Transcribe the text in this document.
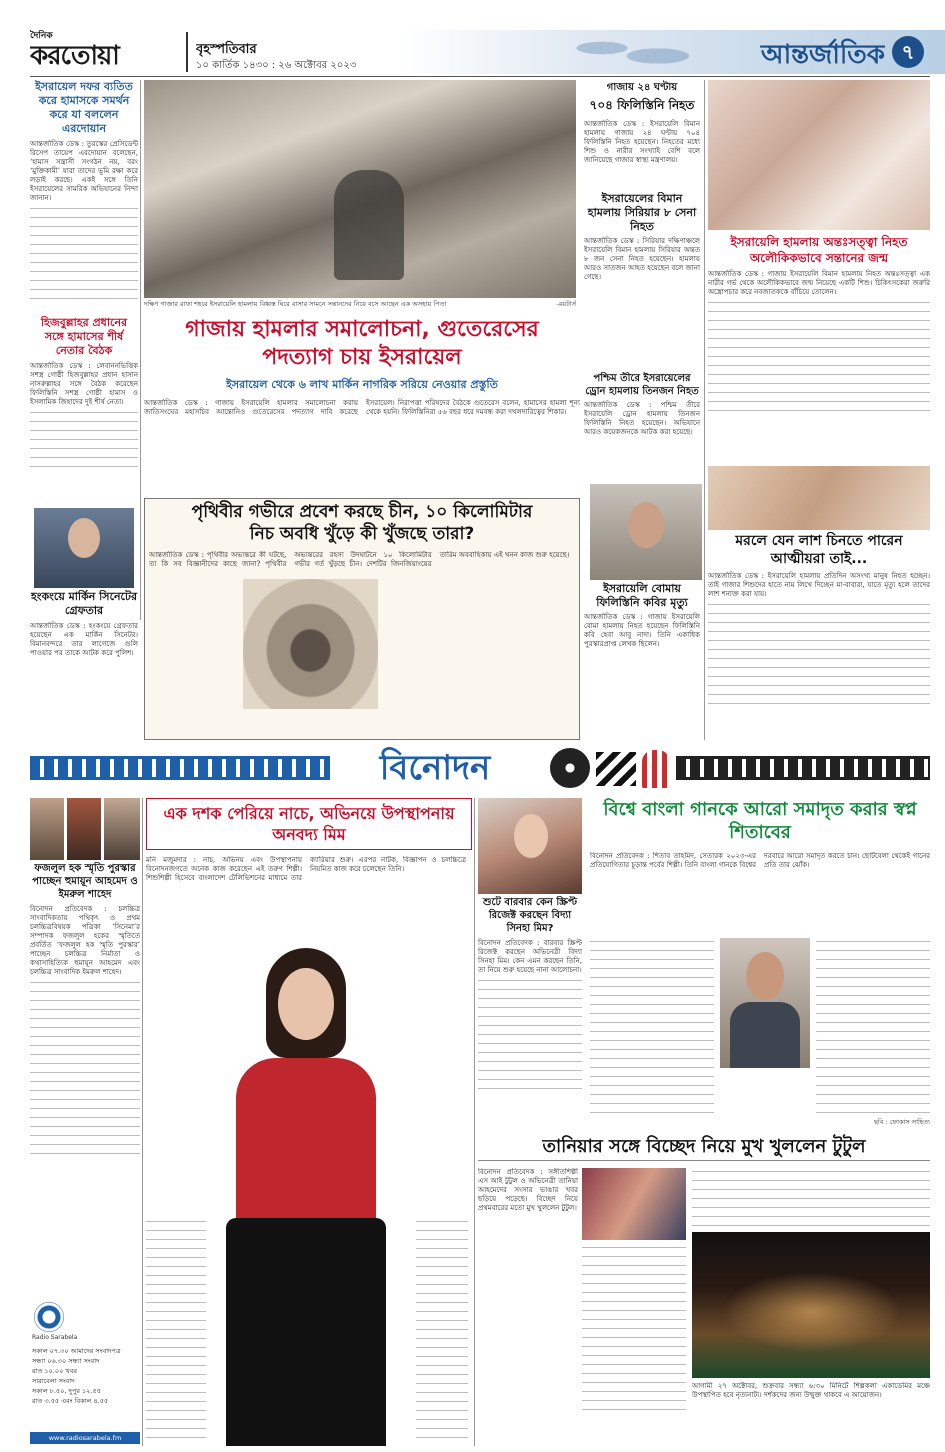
দৈনিক
করতোয়া	বৃহস্পতিবার
১০ কার্তিক ১৪৩০ : ২৬ অক্টোবর ২০২৩	আন্তর্জাতিক ৭
ইসরায়েল দফর ব্যতিত করে হামাসকে সমর্থন করে যা বললেন এরদোয়ান
আন্তর্জাতিক ডেস্ক : তুরস্কের প্রেসিডেন্ট রিসেপ তায়েপ এরদোয়ান বলেছেন, ‘হামাস সন্ত্রাসী সংগঠন নয়, বরং ‘মুক্তিকামী’ যারা তাদের ভূমি রক্ষা করে লড়াই করছে। একই সঙ্গে তিনি ইসরায়েলের সামরিক অভিযানের নিন্দা জানান।
দক্ষিণ গাজার রাফা শহরে ইসরায়েলি হামলায় বিধ্বস্ত ঘিরে বাসার সামনে সন্তানদের নিয়ে বসে আছেন এক অসহায় পিতা	-রয়টার্স
গাজায় ২৪ ঘণ্টায়
৭০৪ ফিলিস্তিনি নিহত
আন্তর্জাতিক ডেস্ক : ইসরায়েলি বিমান হামলায় গাজায় ২৪ ঘণ্টায় ৭০৪ ফিলিস্তিনি নিহত হয়েছেন। নিহতের মধ্যে শিশু ও নারীর সংখ্যাই বেশি বলে জানিয়েছে গাজার স্বাস্থ্য মন্ত্রণালয়।
ইসরায়েলের বিমান হামলায় সিরিয়ার ৮ সেনা নিহত
আন্তর্জাতিক ডেস্ক : সিরিয়ার দক্ষিণাঞ্চলে ইসরায়েলি বিমান হামলায় সিরিয়ার অন্তত ৮ জন সেনা নিহত হয়েছেন। হামলায় আরও সাতজন আহত হয়েছেন বলে জানা গেছে।
পশ্চিম তীরে ইসরায়েলের ড্রোন হামলায় তিনজন নিহত
আন্তর্জাতিক ডেস্ক : পশ্চিম তীরে ইসরায়েলি ড্রোন হামলায় তিনজন ফিলিস্তিনি নিহত হয়েছেন। অভিযানে আরও কয়েকজনকে আটক করা হয়েছে।
ইসরায়েলি হামলায় অন্তঃসত্ত্বা নিহত অলৌকিকভাবে সন্তানের জন্ম
আন্তর্জাতিক ডেস্ক : গাজায় ইসরায়েলি বিমান হামলায় নিহত অন্তঃসত্ত্বা এক নারীর গর্ভ থেকে অলৌকিকভাবে জন্ম নিয়েছে একটি শিশু। চিকিৎসকেরা জরুরি অস্ত্রোপচার করে নবজাতককে বাঁচিয়ে তোলেন।
হিজবুল্লাহর প্রধানের সঙ্গে হামাসের শীর্ষ নেতার বৈঠক
আন্তর্জাতিক ডেস্ক : লেবাননভিত্তিক সশস্ত্র গোষ্ঠী হিজবুল্লাহর প্রধান হাসান নাসরুল্লাহর সঙ্গে বৈঠক করেছেন ফিলিস্তিনি সশস্ত্র গোষ্ঠী হামাস ও ইসলামিক জিহাদের দুই শীর্ষ নেতা।
হংকংয়ে মার্কিন সিনেটের গ্রেফতার
আন্তর্জাতিক ডেস্ক : হংকংয়ে গ্রেফতার হয়েছেন এক মার্কিন সিনেটর। বিমানবন্দরে তার লাগেজে গুলি পাওয়ার পর তাকে আটক করে পুলিশ।
গাজায় হামলার সমালোচনা, গুতেরেসের
পদত্যাগ চায় ইসরায়েল
ইসরায়েল থেকে ৬ লাখ মার্কিন নাগরিক সরিয়ে নেওয়ার প্রস্তুতি
আন্তর্জাতিক ডেস্ক : গাজায় ইসরায়েলি হামলার সমালোচনা করায় জাতিসংঘের মহাসচিব আন্তোনিও গুতেরেসের পদত্যাগ দাবি করেছে ইসরায়েল। নিরাপত্তা পরিষদের বৈঠকে গুতেরেস বলেন, হামাসের হামলা শূন্য থেকে হয়নি। ফিলিস্তিনিরা ৫৬ বছর ধরে দমবন্ধ করা দখলদারিত্বের শিকার।
পৃথিবীর গভীরে প্রবেশ করছে চীন, ১০ কিলোমিটার
নিচ অবধি খুঁড়ে কী খুঁজছে তারা?
আন্তর্জাতিক ডেস্ক : পৃথিবীর অভ্যন্তরে কী ঘটছে, তা কি সব বিজ্ঞানীদের কাছে জানা? পৃথিবীর অভ্যন্তরের রহস্য উদঘাটনে ১০ কিলোমিটার গভীর গর্ত খুঁড়ছে চীন। দেশটির জিনজিয়াংয়ের তারিম অববাহিকায় এই খনন কাজ শুরু হয়েছে।
ইসরায়েলি বোমায় ফিলিস্তিনি কবির মৃত্যু
আন্তর্জাতিক ডেস্ক : গাজায় ইসরায়েলি বোমা হামলায় নিহত হয়েছেন ফিলিস্তিনি কবি হেবা আবু নাদা। তিনি একাধিক পুরস্কারপ্রাপ্ত লেখক ছিলেন।
মরলে যেন লাশ চিনতে পারেন আত্মীয়রা তাই...
আন্তর্জাতিক ডেস্ক : ইসরায়েলি হামলায় প্রতিদিন অসংখ্য মানুষ নিহত হচ্ছেন। তাই গাজার শিশুদের হাতে নাম লিখে দিচ্ছেন মা-বাবারা, যাতে মৃত্যু হলে তাদের লাশ শনাক্ত করা যায়।
বিনোদন
ফজলুল হক স্মৃতি পুরস্কার পাচ্ছেন হুমায়ূন আহমেদ ও ইমরুল শাহেদ
বিনোদন প্রতিবেদক : চলচ্চিত্র সাংবাদিকতায় পথিকৃৎ ও প্রথম চলচ্চিত্রবিষয়ক পত্রিকা ‘সিনেমা’র সম্পাদক ফজলুল হকের স্মৃতিতে প্রবর্তিত ‘ফজলুল হক স্মৃতি পুরস্কার’ পাচ্ছেন চলচ্চিত্র নির্মাতা ও কথাসাহিত্যিক হুমায়ূন আহমেদ এবং চলচ্চিত্র সাংবাদিক ইমরুল শাহেদ।
Radio Sarabela
সকাল ০৭.৩০ আমাদের সংবাদপত্র
সন্ধ্যা ০৬.৩০ সন্ধ্যা সংবাদ
রাত ১০.০০ খবর
সারাবেলা সংবাদ
সকাল ৮.৫০, দুপুর ১২.৫৫
রাত ৩.৫৫ এবং বিকাল ৪.৫৫
www.radiosarabela.fm
এক দশক পেরিয়ে নাচে, অভিনয়ে উপস্থাপনায় অনবদ্য মিম
মনি মজুমদার : নাচ, অভিনয় এবং উপস্থাপনায় বিনোদনজগতে অনেক কাজ করেছেন এই তরুণ শিল্পী। শিশুশিল্পী হিসেবে বাংলাদেশ টেলিভিশনের মাধ্যমে তার ক্যারিয়ার শুরু। এরপর নাটক, বিজ্ঞাপন ও চলচ্চিত্রে নিয়মিত কাজ করে চলেছেন তিনি।
শুটে বারবার কেন স্ক্রিপ্ট রিজেক্ট করছেন বিদ্যা সিনহা মিম?
বিনোদন প্রতিবেদক : বারবার স্ক্রিপ্ট রিজেক্ট করছেন অভিনেত্রী বিদ্যা সিনহা মিম। কেন এমন করছেন তিনি, তা নিয়ে শুরু হয়েছে নানা আলোচনা।
বিশ্বে বাংলা গানকে আরো সমাদৃত করার স্বপ্ন শিতাবের
বিনোদন প্রতিবেদক : শিতাব তাহমিদ, সেতারক ২০২৩-এর প্রতিযোগিতার চূড়ান্ত পর্বের শিল্পী। তিনি বাংলা গানকে বিশ্বের দরবারে আরো সমাদৃত করতে চান। ছোটবেলা থেকেই গানের প্রতি তার ঝোঁক।
ছবি : ফোকাস সাহিত্য
তানিয়ার সঙ্গে বিচ্ছেদ নিয়ে মুখ খুললেন টুটুল
বিনোদন প্রতিবেদক : সঙ্গীতশিল্পী এস আই টুটুল ও অভিনেত্রী তানিয়া আহমেদের সংসার ভাঙার খবর ছড়িয়ে পড়েছে। বিচ্ছেদ নিয়ে প্রথমবারের মতো মুখ খুললেন টুটুল।
আগামী ২৭ অক্টোবর, শুক্রবার সন্ধ্যা ৬:৩০ মিনিটে শিল্পকলা একাডেমির মঞ্চে উপস্থাপিত হবে নৃত্যনাট্য। দর্শকদের জন্য উন্মুক্ত থাকবে এ আয়োজন।
